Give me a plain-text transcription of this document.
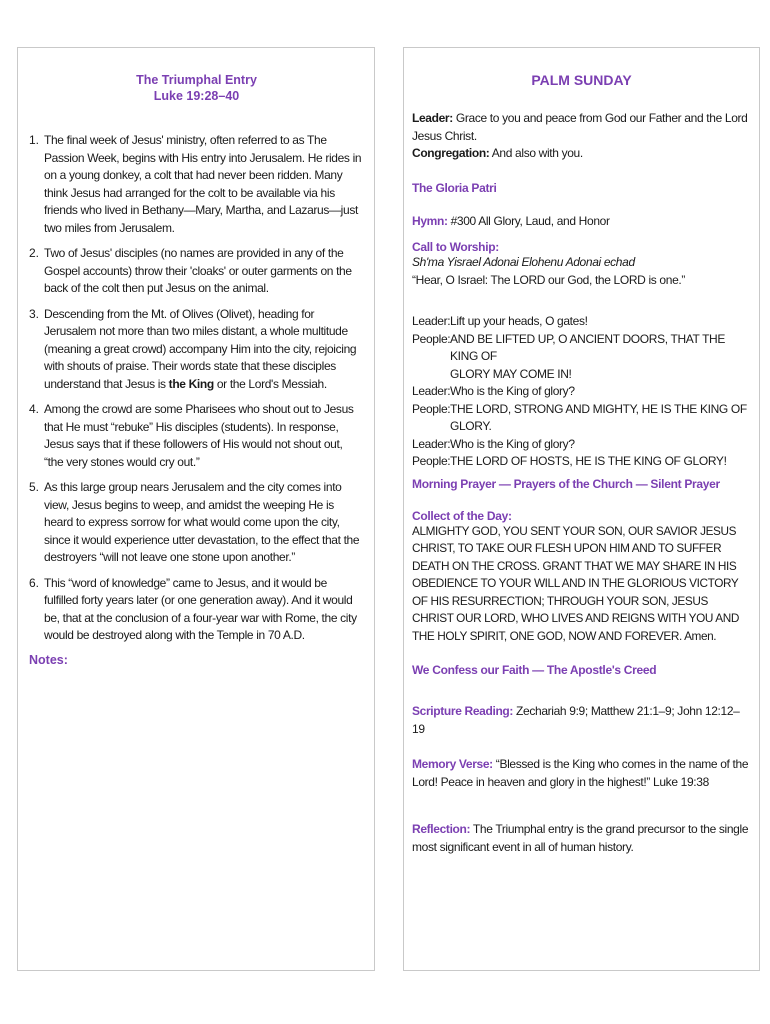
The Triumphal Entry
Luke 19:28–40
1. The final week of Jesus' ministry, often referred to as The Passion Week, begins with His entry into Jerusalem. He rides in on a young donkey, a colt that had never been ridden. Many think Jesus had arranged for the colt to be available via his friends who lived in Bethany—Mary, Martha, and Lazarus—just two miles from Jerusalem.
2. Two of Jesus' disciples (no names are provided in any of the Gospel accounts) throw their 'cloaks' or outer garments on the back of the colt then put Jesus on the animal.
3. Descending from the Mt. of Olives (Olivet), heading for Jerusalem not more than two miles distant, a whole multitude (meaning a great crowd) accompany Him into the city, rejoicing with shouts of praise. Their words state that these disciples understand that Jesus is the King or the Lord's Messiah.
4. Among the crowd are some Pharisees who shout out to Jesus that He must “rebuke” His disciples (students). In response, Jesus says that if these followers of His would not shout out, “the very stones would cry out.”
5. As this large group nears Jerusalem and the city comes into view, Jesus begins to weep, and amidst the weeping He is heard to express sorrow for what would come upon the city, since it would experience utter devastation, to the effect that the destroyers “will not leave one stone upon another.”
6. This “word of knowledge” came to Jesus, and it would be fulfilled forty years later (or one generation away). And it would be, that at the conclusion of a four-year war with Rome, the city would be destroyed along with the Temple in 70 A.D.
Notes:
PALM SUNDAY
Leader: Grace to you and peace from God our Father and the Lord Jesus Christ.
Congregation: And also with you.
The Gloria Patri
Hymn: #300 All Glory, Laud, and Honor
Call to Worship:
Sh'ma Yisrael Adonai Elohenu Adonai echad
“Hear, O Israel: The LORD our God, the LORD is one.”
Leader: Lift up your heads, O gates!
People: AND BE LIFTED UP, O ANCIENT DOORS, THAT THE KING OF
GLORY MAY COME IN!
Leader: Who is the King of glory?
People: THE LORD, STRONG AND MIGHTY, HE IS THE KING OF GLORY.
Leader: Who is the King of glory?
People: THE LORD OF HOSTS, HE IS THE KING OF GLORY!
Morning Prayer — Prayers of the Church — Silent Prayer
Collect of the Day:
ALMIGHTY GOD, YOU SENT YOUR SON, OUR SAVIOR JESUS CHRIST, TO TAKE OUR FLESH UPON HIM AND TO SUFFER DEATH ON THE CROSS. GRANT THAT WE MAY SHARE IN HIS OBEDIENCE TO YOUR WILL AND IN THE GLORIOUS VICTORY OF HIS RESURRECTION; THROUGH YOUR SON, JESUS CHRIST OUR LORD, WHO LIVES AND REIGNS WITH YOU AND THE HOLY SPIRIT, ONE GOD, NOW AND FOREVER. Amen.
We Confess our Faith — The Apostle's Creed
Scripture Reading: Zechariah 9:9; Matthew 21:1–9; John 12:12–19
Memory Verse: “Blessed is the King who comes in the name of the Lord! Peace in heaven and glory in the highest!” Luke 19:38
Reflection: The Triumphal entry is the grand precursor to the single most significant event in all of human history.
